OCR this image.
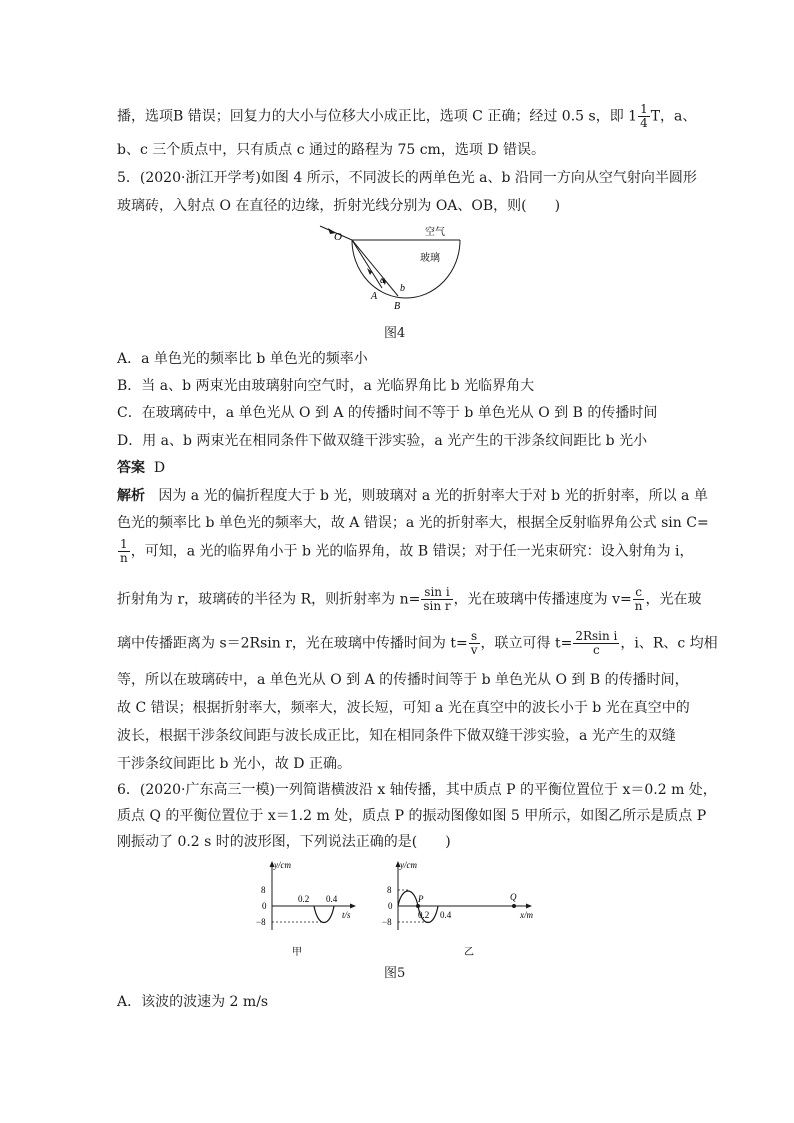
播，选项B 错误；回复力的大小与位移大小成正比，选项 C 正确；经过 0.5 s，即 $1 \frac{1}{4}$ T，a、
b、c 三个质点中，只有质点 c 通过的路程为 75 cm，选项 D 错误。
5．(2020·浙江开学考)如图 4 所示，不同波长的两单色光 a、b 沿同一方向从空气射向半圆形
玻璃砖，入射点 O 在直径的边缘，折射光线分别为 OA、OB，则(　　)
O	空气
玻璃
a
b
A
B
图4
A．a 单色光的频率比 b 单色光的频率小
B．当 a、b 两束光由玻璃射向空气时，a 光临界角比 b 光临界角大
C．在玻璃砖中，a 单色光从 O 到 A 的传播时间不等于 b 单色光从 O 到 B 的传播时间
D．用 a、b 两束光在相同条件下做双缝干涉实验，a 光产生的干涉条纹间距比 b 光小
答案 D
解析 因为 a 光的偏折程度大于 b 光，则玻璃对 a 光的折射率大于对 b 光的折射率，所以 a 单
色光的频率比 b 单色光的频率大，故 A 错误；a 光的折射率大，根据全反射临界角公式 sin C=
$\frac{1}{n}$ ，可知，a 光的临界角小于 b 光的临界角，故 B 错误；对于任一光束研究：设入射角为 i，
折射角为 r，玻璃砖的半径为 R，则折射率为 $n= \frac{\text{sin i}}{\text{sin r}}$ ，光在玻璃中传播速度为 $v= \frac{c}{n}$ ，光在玻
璃中传播距离为 s＝2Rsin r，光在玻璃中传播时间为 $t= \frac{s}{v}$ ，联立可得 $t= \frac{\text{2Rsin i}}{c}$ ，i、R、c 均相
等，所以在玻璃砖中，a 单色光从 O 到 A 的传播时间等于 b 单色光从 O 到 B 的传播时间，
故 C 错误；根据折射率大，频率大，波长短，可知 a 光在真空中的波长小于 b 光在真空中的
波长，根据干涉条纹间距与波长成正比，知在相同条件下做双缝干涉实验，a 光产生的双缝
干涉条纹间距比 b 光小，故 D 正确。
6．(2020·广东高三一模)一列简谐横波沿 x 轴传播，其中质点 P 的平衡位置位于 x＝0.2 m 处，
质点 Q 的平衡位置位于 x＝1.2 m 处，质点 P 的振动图像如图 5 甲所示，如图乙所示是质点 P
刚振动了 0.2 s 时的波形图，下列说法正确的是(　　)
y/cm
8
0
−8
0.2 0.4
t/s
甲
y/cm
8
0
−8
P	Q
0.2 0.4	x/m
乙
图5
A．该波的波速为 2 m/s
